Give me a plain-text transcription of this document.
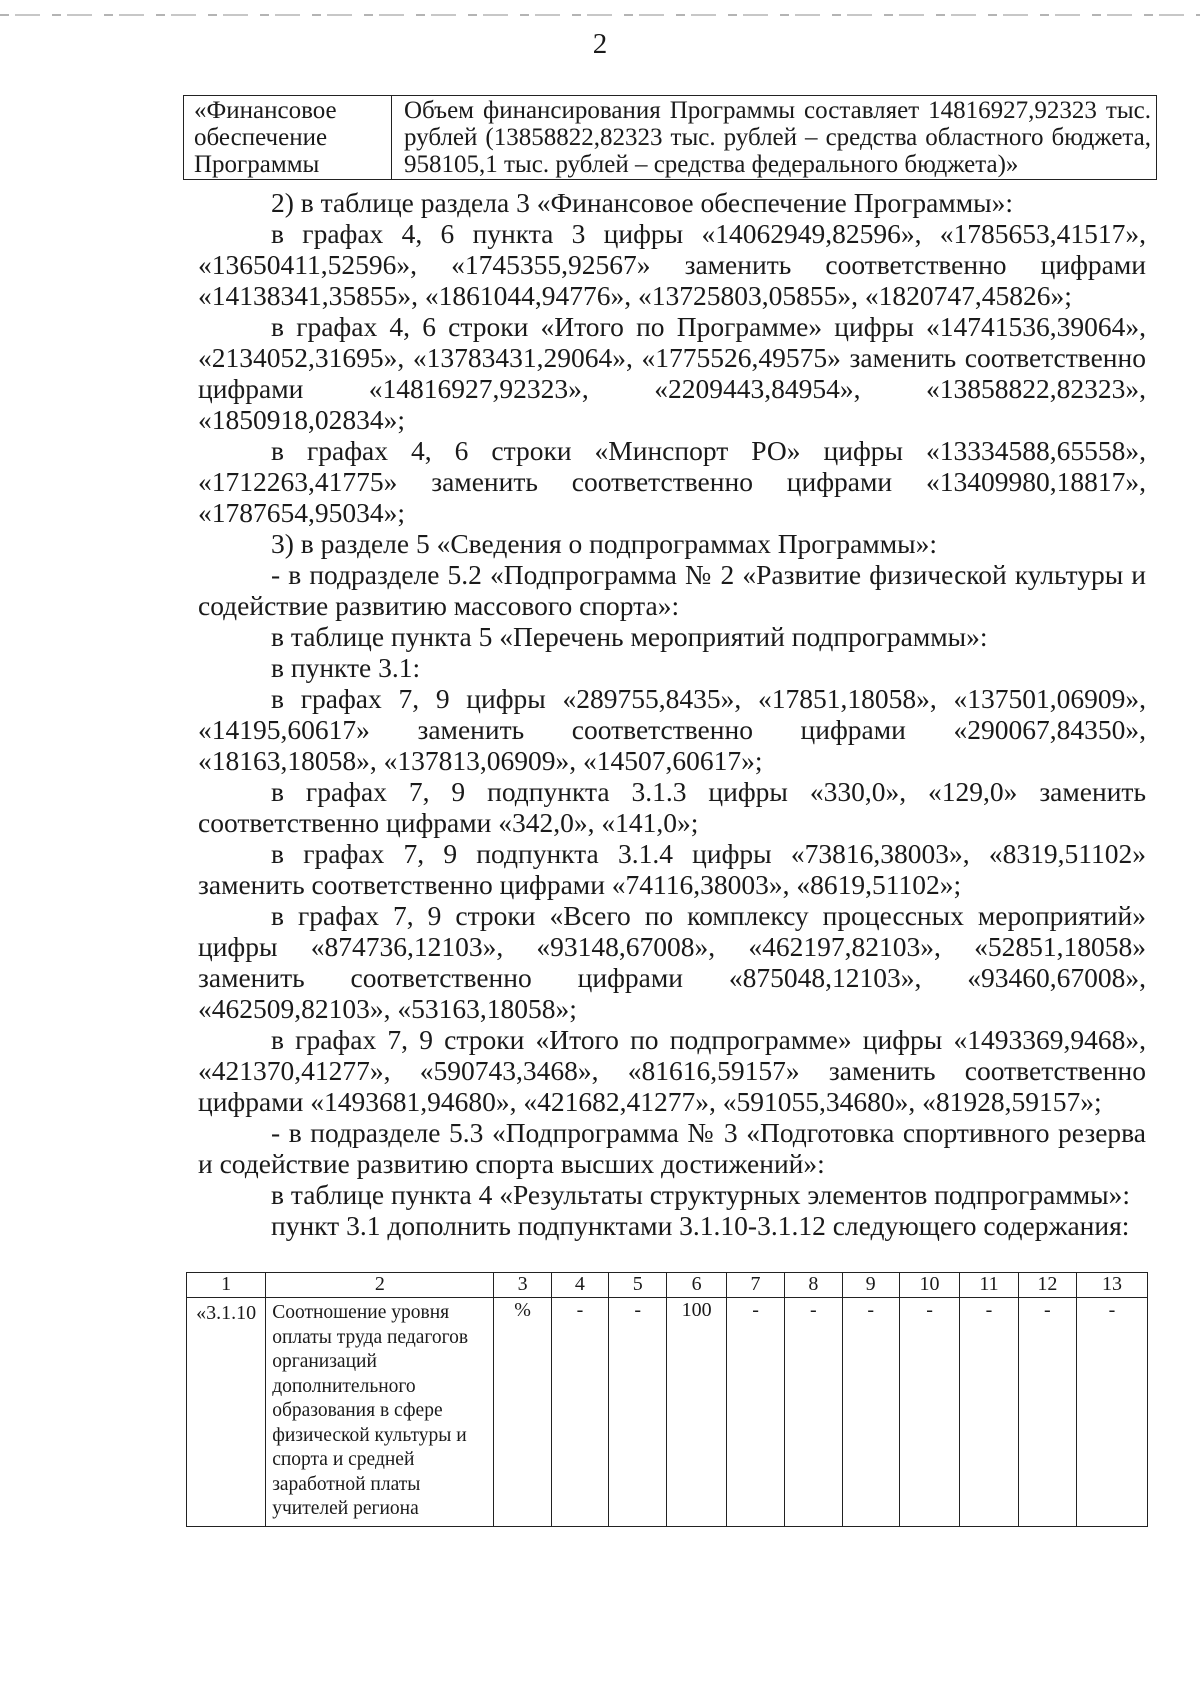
2
«Финансовое обеспечение Программы	Объем финансирования Программы составляет 14816927,92323 тыс. рублей (13858822,82323 тыс. рублей – средства областного бюджета, 958105,1 тыс. рублей – средства федерального бюджета)»

2) в таблице раздела 3 «Финансовое обеспечение Программы»:

в графах 4, 6 пункта 3 цифры «14062949,82596», «1785653,41517», «13650411,52596», «1745355,92567» заменить соответственно цифрами «14138341,35855», «1861044,94776», «13725803,05855», «1820747,45826»;

в графах 4, 6 строки «Итого по Программе» цифры «14741536,39064», «2134052,31695», «13783431,29064», «1775526,49575» заменить соответственно цифрами «14816927,92323», «2209443,84954», «13858822,82323», «1850918,02834»;

в графах 4, 6 строки «Минспорт РО» цифры «13334588,65558», «1712263,41775» заменить соответственно цифрами «13409980,18817», «1787654,95034»;

3) в разделе 5 «Сведения о подпрограммах Программы»:

- в подразделе 5.2 «Подпрограмма № 2 «Развитие физической культуры и содействие развитию массового спорта»:

в таблице пункта 5 «Перечень мероприятий подпрограммы»:

в пункте 3.1:

в графах 7, 9 цифры «289755,8435», «17851,18058», «137501,06909», «14195,60617» заменить соответственно цифрами «290067,84350», «18163,18058», «137813,06909», «14507,60617»;

в графах 7, 9 подпункта 3.1.3 цифры «330,0», «129,0» заменить соответственно цифрами «342,0», «141,0»;

в графах 7, 9 подпункта 3.1.4 цифры «73816,38003», «8319,51102» заменить соответственно цифрами «74116,38003», «8619,51102»;

в графах 7, 9 строки «Всего по комплексу процессных мероприятий» цифры «874736,12103», «93148,67008», «462197,82103», «52851,18058» заменить соответственно цифрами «875048,12103», «93460,67008», «462509,82103», «53163,18058»;

в графах 7, 9 строки «Итого по подпрограмме» цифры «1493369,9468», «421370,41277», «590743,3468», «81616,59157» заменить соответственно цифрами «1493681,94680», «421682,41277», «591055,34680», «81928,59157»;

- в подразделе 5.3 «Подпрограмма № 3 «Подготовка спортивного резерва и содействие развитию спорта высших достижений»:

в таблице пункта 4 «Результаты структурных элементов подпрограммы»:

пункт 3.1 дополнить подпунктами 3.1.10-3.1.12 следующего содержания:

1	2	3	4	5	6	7	8	9	10	11	12	13
«3.1.10	Соотношение уровня оплаты труда педагогов организаций дополнительного образования в сфере физической культуры и спорта и средней заработной платы учителей региона	%	-	-	100	-	-	-	-	-	-	-
